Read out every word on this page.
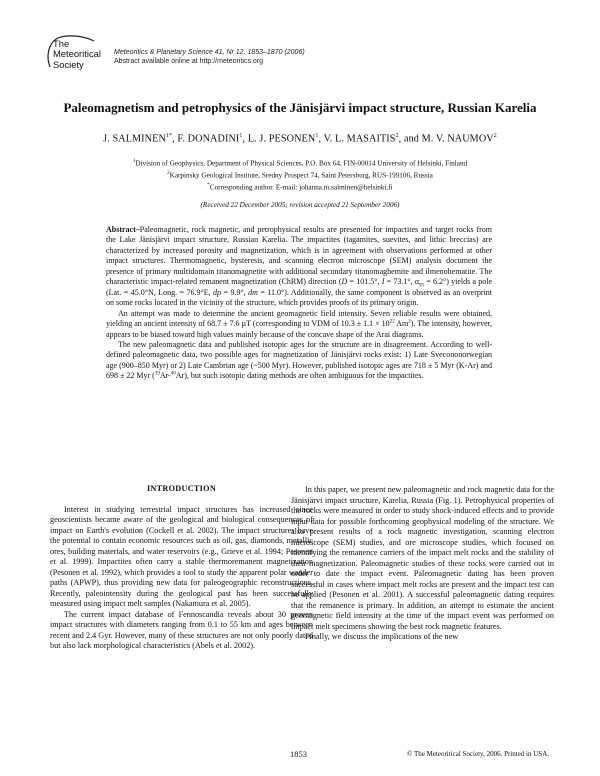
The
Meteoritical
Society
Meteoritics & Planetary Science 41, Nr 12, 1853–1870 (2006)
Abstract available online at http://meteoritics.org
Paleomagnetism and petrophysics of the Jänisjärvi impact structure, Russian Karelia
J. $SALMINEN^{1*}$, F. DONADINI$^1$, L. J. PESONEN$^1$, V. L. MASAITIS$^2$, and M. V. NAUMOV$^2$
$^1$Division of Geophysics, Department of Physical Sciences, P.O. Box 64, FIN-00014 University of Helsinki, Finland
$^2$Karpinsky Geological Institute, Sredny Prospect 74, Saint Petersburg, RUS-199106, Russia
*Corresponding author. E-mail: johanna.m.salminen@helsinki.fi
(Received 22 December 2005; revision accepted 21 September 2006)

Abstract–Paleomagnetic, rock magnetic, and petrophysical results are presented for impactites and target rocks from the Lake Jänisjärvi impact structure, Russian Karelia. The impactites (tagamites, suevites, and lithic breccias) are characterized by increased porosity and magnetization, which is in agreement with observations performed at other impact structures. Thermomagnetic, hysteresis, and scanning electron microscope (SEM) analysis document the presence of primary multidomain titanomagnetite with additional secondary titanomaghemite and ilmenohematite. The characteristic impact-related remanent magnetization (ChRM) direction (D = 101.5°, I = 73.1°, $\alpha_{95} = 6.2^\circ$) yields a pole (Lat. = 45.0°N, Long. = 76.9°E, dp = 9.9°, dm = 11.0°). Additionally, the same component is observed as an overprint on some rocks located in the vicinity of the structure, which provides proofs of its primary origin.

An attempt was made to determine the ancient geomagnetic field intensity. Seven reliable results were obtained, yielding an ancient intensity of 68.7 ± 7.6 µT (corresponding to VDM of $10.3 \pm 1.1 \times 10^{22}$ Am$^2$). The intensity, however, appears to be biased toward high values mainly because of the concave shape of the Arai diagrams.

The new paleomagnetic data and published isotopic ages for the structure are in disagreement. According to well-defined paleomagnetic data, two possible ages for magnetization of Jänisjärvi rocks exist: 1) Late Svecononorwegian age (900–850 Myr) or 2) Late Cambrian age (~500 Myr). However, published isotopic ages are 718 ± 5 Myr (K-Ar) and 698 ± 22 Myr ($^{39}$Ar-$^{40}$Ar), but such isotopic dating methods are often ambiguous for the impactites.

INTRODUCTION

Interest in studying terrestrial impact structures has increased since geoscientists became aware of the geological and biological consequences of impact on Earth's evolution (Cockell et al. 2002). The impact structures have the potential to contain economic resources such as oil, gas, diamonds, metallic ores, building materials, and water reservoirs (e.g., Grieve et al. 1994; Pesonen et al. 1999). Impactites often carry a stable thermoremanent magnetization (Pesonen et al. 1992), which provides a tool to study the apparent polar wander paths (APWP), thus providing new data for paleogeographic reconstructions. Recently, paleointensity during the geological past has been successfully measured using impact melt samples (Nakamura et al. 2005).

The current impact database of Fennoscandia reveals about 30 proven impact structures with diameters ranging from 0.1 to 55 km and ages between recent and 2.4 Gyr. However, many of these structures are not only poorly dated but also lack morphological characteristics (Abels et al. 2002).

In this paper, we present new paleomagnetic and rock magnetic data for the Jänisjärvi impact structure, Karelia, Russia (Fig. 1). Petrophysical properties of the rocks were measured in order to study shock-induced effects and to provide input data for possible forthcoming geophysical modeling of the structure. We also present results of a rock magnetic investigation, scanning electron microscope (SEM) studies, and ore microscope studies, which focused on identifying the remanence carriers of the impact melt rocks and the stability of their magnetization. Paleomagnetic studies of these rocks were carried out in order to date the impact event. Paleomagnetic dating has been proven successful in cases where impact melt rocks are present and the impact test can be applied (Pesonen et al. 2001). A successful paleomagnetic dating requires that the remanence is primary. In addition, an attempt to estimate the ancient geomagnetic field intensity at the time of the impact event was performed on impact melt specimens showing the best rock magnetic features.

Finally, we discuss the implications of the new

1853	© The Meteoritical Society, 2006. Printed in USA.
